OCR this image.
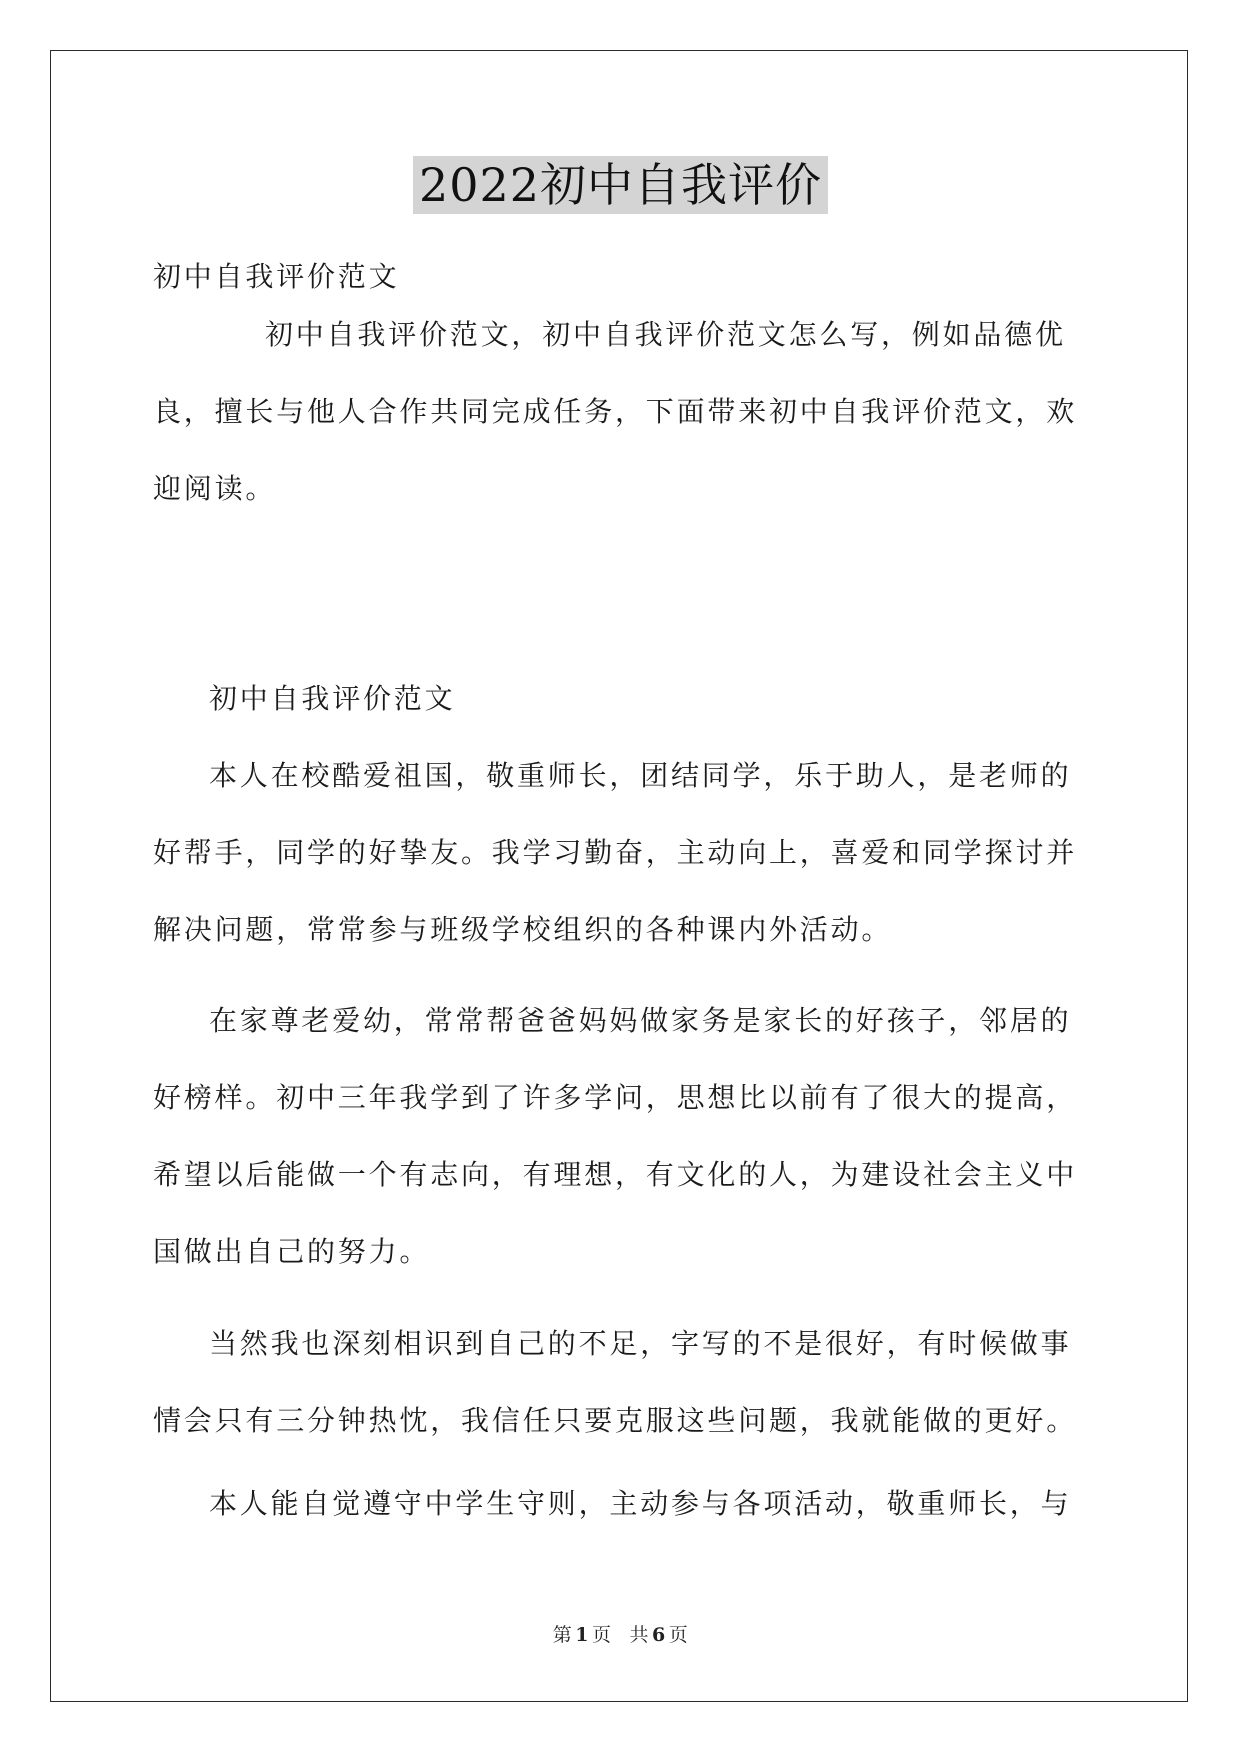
2022初中自我评价

初中自我评价范文

初中自我评价范文，初中自我评价范文怎么写，例如品德优良，擅长与他人合作共同完成任务，下面带来初中自我评价范文，欢迎阅读。

初中自我评价范文

本人在校酷爱祖国，敬重师长，团结同学，乐于助人，是老师的好帮手，同学的好挚友。我学习勤奋，主动向上，喜爱和同学探讨并解决问题，常常参与班级学校组织的各种课内外活动。

在家尊老爱幼，常常帮爸爸妈妈做家务是家长的好孩子，邻居的好榜样。初中三年我学到了许多学问，思想比以前有了很大的提高，希望以后能做一个有志向，有理想，有文化的人，为建设社会主义中国做出自己的努力。

当然我也深刻相识到自己的不足，字写的不是很好，有时候做事情会只有三分钟热忱，我信任只要克服这些问题，我就能做的更好。

本人能自觉遵守中学生守则，主动参与各项活动，敬重师长，与

第 1 页 共 6 页
